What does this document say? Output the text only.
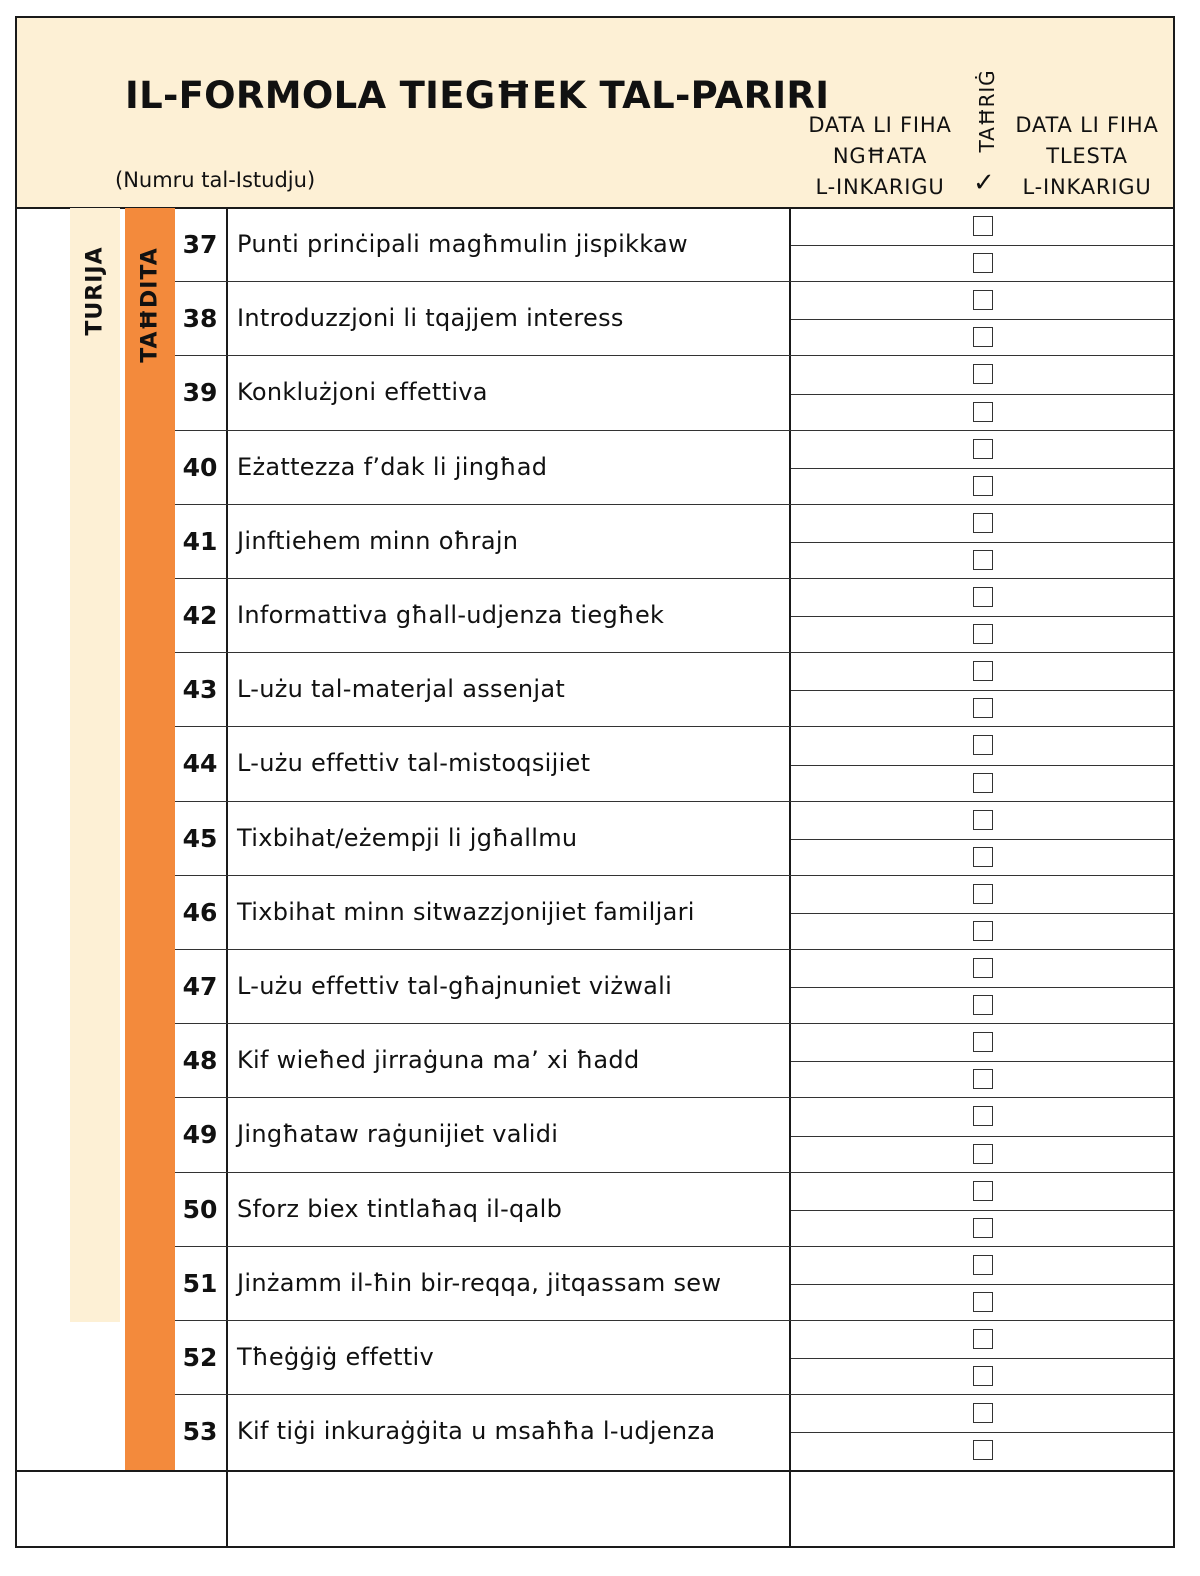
IL-FORMOLA TIEGĦEK TAL-PARIRI
(Numru tal-Istudju)
DATA LI FIHA
NGĦATA
L-INKARIGU
TAĦRIĠ
✓
DATA LI FIHA
TLESTA
L-INKARIGU
TURIJA TAĦDITA
37 Punti prinċipali magħmulin jispikkaw
38 Introduzzjoni li tqajjem interess
39 Konklużjoni effettiva
40 Eżattezza f’dak li jingħad
41 Jinftiehem minn oħrajn
42 Informattiva għall-udjenza tiegħek
43 L-użu tal-materjal assenjat
44 L-użu effettiv tal-mistoqsijiet
45 Tixbihat/eżempji li jgħallmu
46 Tixbihat minn sitwazzjonijiet familjari
47 L-użu effettiv tal-għajnuniet viżwali
48 Kif wieħed jirraġuna ma’ xi ħadd
49 Jingħataw raġunijiet validi
50 Sforz biex tintlaħaq il-qalb
51 Jinżamm il-ħin bir-reqqa, jitqassam sew
52 Tħeġġiġ effettiv
53 Kif tiġi inkuraġġita u msaħħa l-udjenza
